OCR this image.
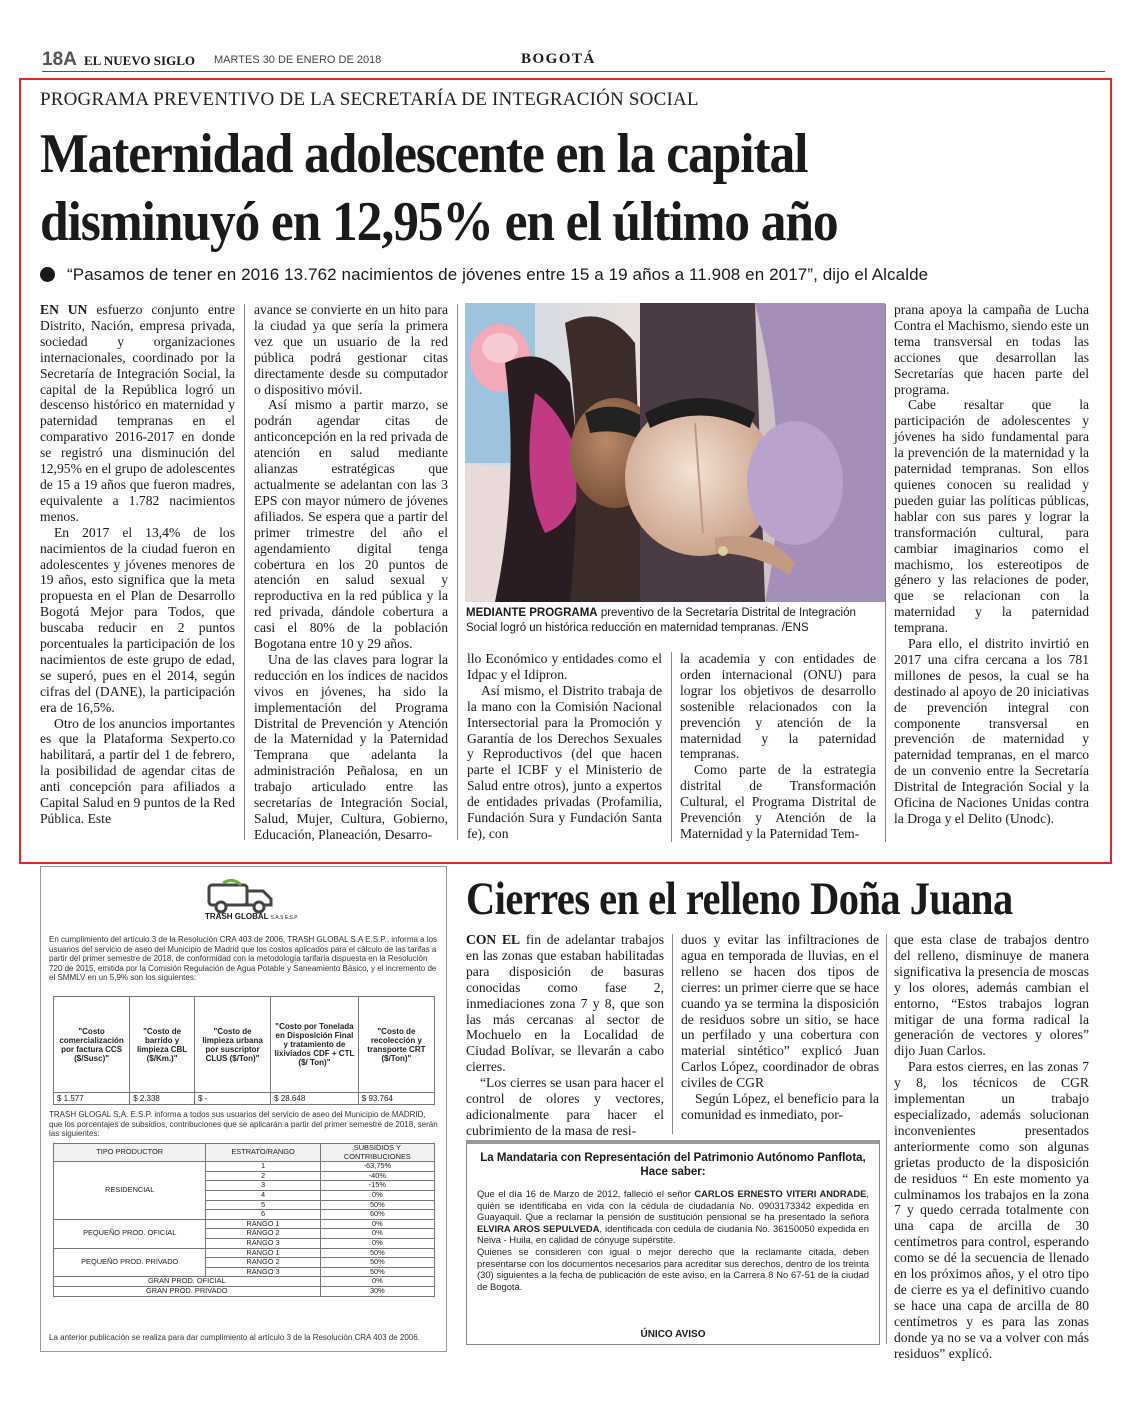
18A EL NUEVO SIGLO MARTES 30 DE ENERO DE 2018	BOGOTÁ
PROGRAMA PREVENTIVO DE LA SECRETARÍA DE INTEGRACIÓN SOCIAL
Maternidad adolescente en la capital
disminuyó en 12,95% en el último año
“Pasamos de tener en 2016 13.762 nacimientos de jóvenes entre 15 a 19 años a 11.908 en 2017”, dijo el Alcalde

EN UN esfuerzo conjunto entre Distrito, Nación, empresa privada, sociedad y organizaciones internacionales, coordinado por la Secretaría de Integración Social, la capital de la República logró un descenso histórico en maternidad y paternidad tempranas en el comparativo 2016-2017 en donde se registró una disminución del 12,95% en el grupo de adolescentes de 15 a 19 años que fueron madres, equivalente a 1.782 nacimientos menos.

En 2017 el 13,4% de los nacimientos de la ciudad fueron en adolescentes y jóvenes menores de 19 años, esto significa que la meta propuesta en el Plan de Desarrollo Bogotá Mejor para Todos, que buscaba reducir en 2 puntos porcentuales la participación de los nacimientos de este grupo de edad, se superó, pues en el 2014, según cifras del (DANE), la participación era de 16,5%.

Otro de los anuncios importantes es que la Plataforma Sexperto.co habilitará, a partir del 1 de febrero, la posibilidad de agendar citas de anti concepción para afiliados a Capital Salud en 9 puntos de la Red Pública. Este

avance se convierte en un hito para la ciudad ya que sería la primera vez que un usuario de la red pública podrá gestionar citas directamente desde su computador o dispositivo móvil.

Así mismo a partir marzo, se podrán agendar citas de anticoncepción en la red privada de atención en salud mediante alianzas estratégicas que actualmente se adelantan con las 3 EPS con mayor número de jóvenes afiliados. Se espera que a partir del primer trimestre del año el agendamiento digital tenga cobertura en los 20 puntos de atención en salud sexual y reproductiva en la red pública y la red privada, dándole cobertura a casi el 80% de la población Bogotana entre 10 y 29 años.

Una de las claves para lograr la reducción en los índices de nacidos vivos en jóvenes, ha sido la implementación del Programa Distrital de Prevención y Atención de la Maternidad y la Paternidad Temprana que adelanta la administración Peñalosa, en un trabajo articulado entre las secretarías de Integración Social, Salud, Mujer, Cultura, Gobierno, Educación, Planeación, Desarro-

MEDIANTE PROGRAMA preventivo de la Secretaría Distrital de Integración Social logró un histórica reducción en maternidad tempranas. /ENS

llo Económico y entidades como el Idpac y el Idipron.

Así mismo, el Distrito trabaja de la mano con la Comisión Nacional Intersectorial para la Promoción y Garantía de los Derechos Sexuales y Reproductivos (del que hacen parte el ICBF y el Ministerio de Salud entre otros), junto a expertos de entidades privadas (Profamilia, Fundación Sura y Fundación Santa fe), con

la academia y con entidades de orden internacional (ONU) para lograr los objetivos de desarrollo sostenible relacionados con la prevención y atención de la maternidad y la paternidad tempranas.

Como parte de la estrategia distrital de Transformación Cultural, el Programa Distrital de Prevención y Atención de la Maternidad y la Paternidad Tem-

prana apoya la campaña de Lucha Contra el Machismo, siendo este un tema transversal en todas las acciones que desarrollan las Secretarías que hacen parte del programa.

Cabe resaltar que la participación de adolescentes y jóvenes ha sido fundamental para la prevención de la maternidad y la paternidad tempranas. Son ellos quienes conocen su realidad y pueden guiar las políticas públicas, hablar con sus pares y lograr la transformación cultural, para cambiar imaginarios como el machismo, los estereotipos de género y las relaciones de poder, que se relacionan con la maternidad y la paternidad temprana.

Para ello, el distrito invirtió en 2017 una cifra cercana a los 781 millones de pesos, la cual se ha destinado al apoyo de 20 iniciativas de prevención integral con componente transversal en prevención de maternidad y paternidad tempranas, en el marco de un convenio entre la Secretaría Distrital de Integración Social y la Oficina de Naciones Unidas contra la Droga y el Delito (Unodc).

TRASH GLOBAL S.A.S E.S.P
En cumplimiento del artículo 3 de la Resolución CRA 403 de 2006, TRASH GLOBAL S.A E.S.P., informa a los usuarios del servicio de aseo del Municipio de Madrid que los costos aplicados para el cálculo de las tarifas a partir del primer semestre de 2018, de conformidad con la metodología tarifaria dispuesta en la Resolución 720 de 2015, emitida por la Comisión Regulación de Agua Potable y Saneamiento Básico, y el incremento de el SMMLV en un 5,9% son los siguientes:
"Costo comercialización por factura CCS ($/Susc)"	"Costo de barrido y limpieza CBL ($/Km.)"	"Costo de limpieza urbana por suscriptor CLUS ($/Ton)"	"Costo por Tonelada en Disposición Final y tratamiento de lixiviados CDF + CTL ($/ Ton)"	"Costo de recolección y transporte CRT ($/Ton)"
$ 1.577	$ 2.338	$ -	$ 28.648	$ 93.764
TRASH GLOGAL S.A. E.S.P. informa a todos sus usuarios del servicio de aseo del Municipio de MADRID, que los porcentajes de subsidios, contribuciones que se aplicarán a partir del primer semestre de 2018, serán las siguientes:
TIPO PRODUCTOR	ESTRATO/RANGO	SUBSIDIOS Y CONTRIBUCIONES
RESIDENCIAL	1	-63,75%
	2	-40%
	3	-15%
	4	0%
	5	50%
	6	60%
PEQUEÑO PROD. OFICIAL	RANGO 1	0%
	RANGO 2	0%
	RANGO 3	0%
PEQUEÑO PROD. PRIVADO	RANGO 1	50%
	RANGO 2	50%
	RANGO 3	50%
GRAN PROD. OFICIAL		0%
GRAN PROD. PRIVADO		30%
La anterior publicación se realiza para dar cumplimiento al artículo 3 de la Resolución CRA 403 de 2006.
Cierres en el relleno Doña Juana

CON EL fin de adelantar trabajos en las zonas que estaban habilitadas para disposición de basuras conocidas como fase 2, inmediaciones zona 7 y 8, que son las más cercanas al sector de Mochuelo en la Localidad de Ciudad Bolívar, se llevarán a cabo cierres.

“Los cierres se usan para hacer el control de olores y vectores, adicionalmente para hacer el cubrimiento de la masa de resi-

duos y evitar las infiltraciones de agua en temporada de lluvias, en el relleno se hacen dos tipos de cierres: un primer cierre que se hace cuando ya se termina la disposición de residuos sobre un sitio, se hace un perfilado y una cobertura con material sintético” explicó Juan Carlos López, coordinador de obras civiles de CGR

Según López, el beneficio para la comunidad es inmediato, por-

que esta clase de trabajos dentro del relleno, disminuye de manera significativa la presencia de moscas y los olores, además cambian el entorno, “Estos trabajos logran mitigar de una forma radical la generación de vectores y olores” dijo Juan Carlos.

Para estos cierres, en las zonas 7 y 8, los técnicos de CGR implementan un trabajo especializado, además solucionan inconvenientes presentados anteriormente como son algunas grietas producto de la disposición de residuos “ En este momento ya culminamos los trabajos en la zona 7 y quedo cerrada totalmente con una capa de arcilla de 30 centímetros para control, esperando como se dé la secuencia de llenado en los próximos años, y el otro tipo de cierre es ya el definitivo cuando se hace una capa de arcilla de 80 centímetros y es para las zonas donde ya no se va a volver con más residuos” explicó.

La Mandataria con Representación del Patrimonio Autónomo Panflota, Hace saber:

Que el día 16 de Marzo de 2012, falleció el señor CARLOS ERNESTO VITERI ANDRADE, quién se identificaba en vida con la cédula de ciudadanía No. 0903173342 expedida en Guayaquil. Que a reclamar la pensión de sustitución pensional se ha presentado la señora ELVIRA AROS SEPULVEDA, identificada con cedula de ciudanía No. 36150050 expedida en Neiva - Huila, en calidad de cónyuge supérstite.

Quienes se consideren con igual o mejor derecho que la reclamante citada, deben presentarse con los documentos necesarios para acreditar sus derechos, dentro de los treinta (30) siguientes a la fecha de publicación de este aviso, en la Carrera 8 No 67-51 de la ciudad de Bogotá.

ÚNICO AVISO
